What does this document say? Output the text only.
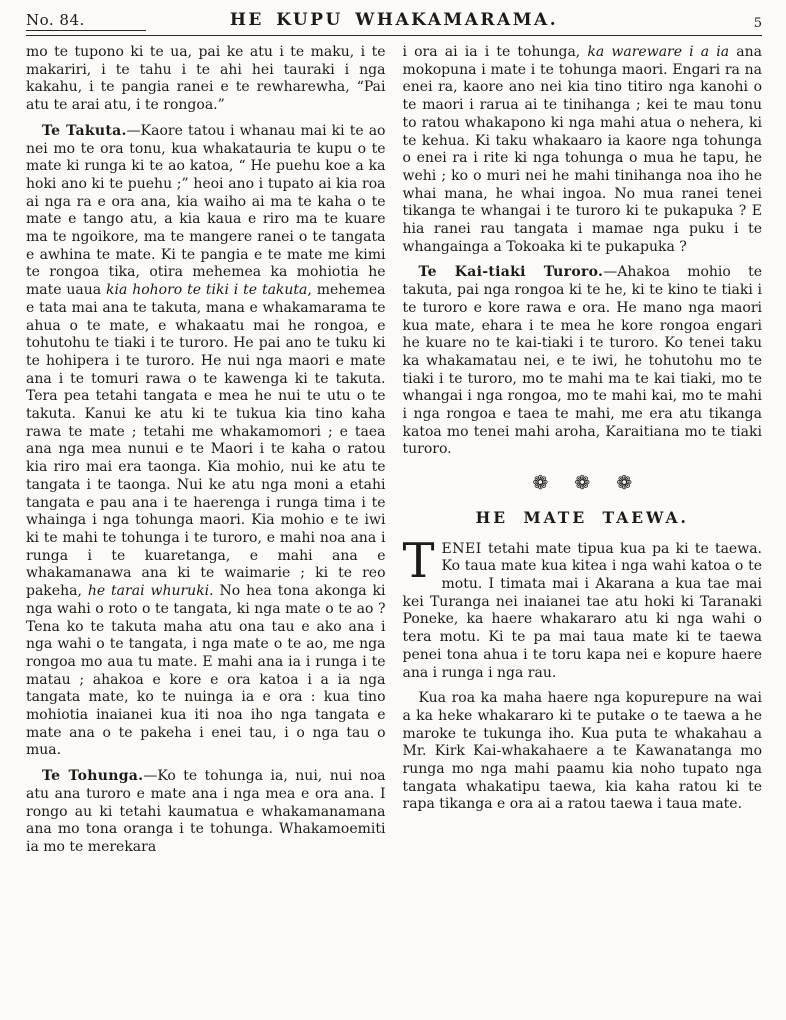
No. 84.	HE KUPU WHAKAMARAMA.	5

mo te tupono ki te ua, pai ke atu i te maku, i te makariri, i te tahu i te ahi hei tauraki i nga kakahu, i te pangia ranei e te rewharewha, “Pai atu te arai atu, i te rongoa.”

Te Takuta.—Kaore tatou i whanau mai ki te ao nei mo te ora tonu, kua whakatauria te kupu o te mate ki runga ki te ao katoa, “ He puehu koe a ka hoki ano ki te puehu ;” heoi ano i tupato ai kia roa ai nga ra e ora ana, kia waiho ai ma te kaha o te mate e tango atu, a kia kaua e riro ma te kuare ma te ngoikore, ma te mangere ranei o te tangata e awhina te mate. Ki te pangia e te mate me kimi te rongoa tika, otira mehemea ka mohiotia he mate uaua kia hohoro te tiki i te takuta, mehemea e tata mai ana te takuta, mana e whakamarama te ahua o te mate, e whakaatu mai he rongoa, e tohutohu te tiaki i te turoro. He pai ano te tuku ki te hohipera i te turoro. He nui nga maori e mate ana i te tomuri rawa o te kawenga ki te takuta. Tera pea tetahi tangata e mea he nui te utu o te takuta. Kanui ke atu ki te tukua kia tino kaha rawa te mate ; tetahi me whakamomori ; e taea ana nga mea nunui e te Maori i te kaha o ratou kia riro mai era taonga. Kia mohio, nui ke atu te tangata i te taonga. Nui ke atu nga moni a etahi tangata e pau ana i te haerenga i runga tima i te whainga i nga tohunga maori. Kia mohio e te iwi ki te mahi te tohunga i te turoro, e mahi noa ana i runga i te kuaretanga, e mahi ana e whakamanawa ana ki te waimarie ; ki te reo pakeha, he tarai whuruki. No hea tona akonga ki nga wahi o roto o te tangata, ki nga mate o te ao ? Tena ko te takuta maha atu ona tau e ako ana i nga wahi o te tangata, i nga mate o te ao, me nga rongoa mo aua tu mate. E mahi ana ia i runga i te matau ; ahakoa e kore e ora katoa i a ia nga tangata mate, ko te nuinga ia e ora : kua tino mohiotia inaianei kua iti noa iho nga tangata e mate ana o te pakeha i enei tau, i o nga tau o mua.

Te Tohunga.—Ko te tohunga ia, nui, nui noa atu ana turoro e mate ana i nga mea e ora ana. I rongo au ki tetahi kaumatua e whakamanamana ana mo tona oranga i te tohunga. Whakamoemiti ia mo te merekara

i ora ai ia i te tohunga, ka wareware i a ia ana mokopuna i mate i te tohunga maori. Engari ra na enei ra, kaore ano nei kia tino titiro nga kanohi o te maori i rarua ai te tinihanga ; kei te mau tonu to ratou whakapono ki nga mahi atua o nehera, ki te kehua. Ki taku whakaaro ia kaore nga tohunga o enei ra i rite ki nga tohunga o mua he tapu, he wehi ; ko o muri nei he mahi tinihanga noa iho he whai mana, he whai ingoa. No mua ranei tenei tikanga te whangai i te turoro ki te pukapuka ? E hia ranei rau tangata i mamae nga puku i te whangainga a Tokoaka ki te pukapuka ?

Te Kai-tiaki Turoro.—Ahakoa mohio te takuta, pai nga rongoa ki te he, ki te kino te tiaki i te turoro e kore rawa e ora. He mano nga maori kua mate, ehara i te mea he kore rongoa engari he kuare no te kai-tiaki i te turoro. Ko tenei taku ka whakamatau nei, e te iwi, he tohutohu mo te tiaki i te turoro, mo te mahi ma te kai tiaki, mo te whangai i nga rongoa, mo te mahi kai, mo te mahi i nga rongoa e taea te mahi, me era atu tikanga katoa mo tenei mahi aroha, Karaitiana mo te tiaki turoro.

❁ ❁ ❁
HE MATE TAEWA.

TENEI tetahi mate tipua kua pa ki te taewa. Ko taua mate kua kitea i nga wahi katoa o te motu. I timata mai i Akarana a kua tae mai kei Turanga nei inaianei tae atu hoki ki Taranaki Poneke, ka haere whakararo atu ki nga wahi o tera motu. Ki te pa mai taua mate ki te taewa penei tona ahua i te toru kapa nei e kopure haere ana i runga i nga rau.

Kua roa ka maha haere nga kopurepure na wai a ka heke whakararo ki te putake o te taewa a he maroke te tukunga iho. Kua puta te whakahau a Mr. Kirk Kai-whakahaere a te Kawanatanga mo runga mo nga mahi paamu kia noho tupato nga tangata whakatipu taewa, kia kaha ratou ki te rapa tikanga e ora ai a ratou taewa i taua mate.
